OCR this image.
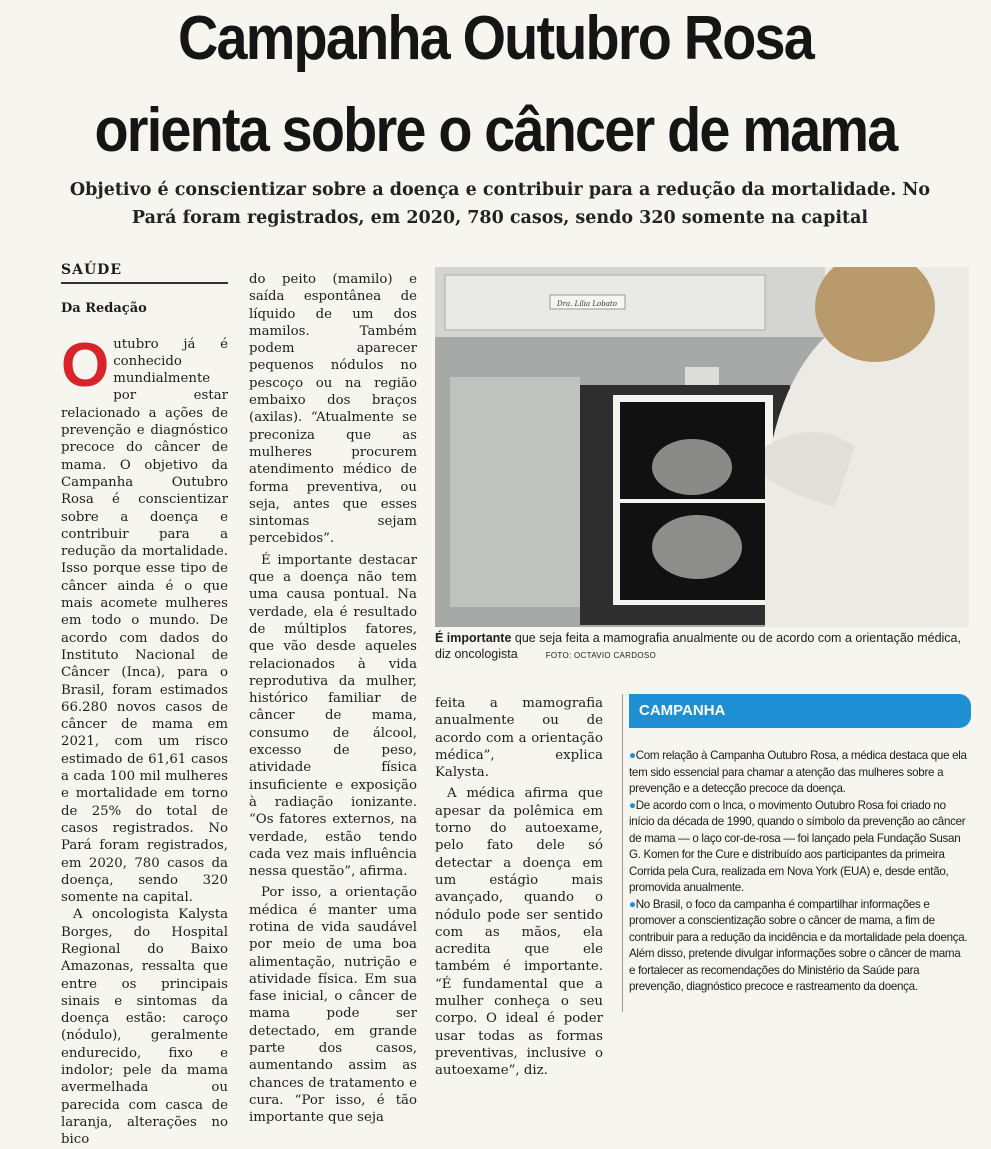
Campanha Outubro Rosa
orienta sobre o câncer de mama
Objetivo é conscientizar sobre a doença e contribuir para a redução da mortalidade. No Pará foram registrados, em 2020, 780 casos, sendo 320 somente na capital
SAÚDE
Da Redação

Outubro já é conhecido mundialmente por estar relacionado a ações de prevenção e diagnóstico precoce do câncer de mama. O objetivo da Campanha Outubro Rosa é conscientizar sobre a doença e contribuir para a redução da mortalidade. Isso porque esse tipo de câncer ainda é o que mais acomete mulheres em todo o mundo. De acordo com dados do Instituto Nacional de Câncer (Inca), para o Brasil, foram estimados 66.280 novos casos de câncer de mama em 2021, com um risco estimado de 61,61 casos a cada 100 mil mulheres e mortalidade em torno de 25% do total de casos registrados. No Pará foram registrados, em 2020, 780 casos da doença, sendo 320 somente na capital.

A oncologista Kalysta Borges, do Hospital Regional do Baixo Amazonas, ressalta que entre os principais sinais e sintomas da doença estão: caroço (nódulo), geralmente endurecido, fixo e indolor; pele da mama avermelhada ou parecida com casca de laranja, alterações no bico

do peito (mamilo) e saída espontânea de líquido de um dos mamilos. Também podem aparecer pequenos nódulos no pescoço ou na região embaixo dos braços (axilas). “Atualmente se preconiza que as mulheres procurem atendimento médico de forma preventiva, ou seja, antes que esses sintomas sejam percebidos”.

É importante destacar que a doença não tem uma causa pontual. Na verdade, ela é resultado de múltiplos fatores, que vão desde aqueles relacionados à vida reprodutiva da mulher, histórico familiar de câncer de mama, consumo de álcool, excesso de peso, atividade física insuficiente e exposição à radiação ionizante. “Os fatores externos, na verdade, estão tendo cada vez mais influência nessa questão”, afirma.

Por isso, a orientação médica é manter uma rotina de vida saudável por meio de uma boa alimentação, nutrição e atividade física. Em sua fase inicial, o câncer de mama pode ser detectado, em grande parte dos casos, aumentando assim as chances de tratamento e cura. “Por isso, é tão importante que seja

Dra. Lília Lobato
É importante que seja feita a mamografia anualmente ou de acordo com a orientação médica, diz oncologista	FOTO: OCTAVIO CARDOSO

feita a mamografia anualmente ou de acordo com a orientação médica”, explica Kalysta.

A médica afirma que apesar da polêmica em torno do autoexame, pelo fato dele só detectar a doença em um estágio mais avançado, quando o nódulo pode ser sentido com as mãos, ela acredita que ele também é importante. “É fundamental que a mulher conheça o seu corpo. O ideal é poder usar todas as formas preventivas, inclusive o autoexame”, diz.

CAMPANHA

●Com relação à Campanha Outubro Rosa, a médica destaca que ela tem sido essencial para chamar a atenção das mulheres sobre a prevenção e a detecção precoce da doença.

●De acordo com o Inca, o movimento Outubro Rosa foi criado no início da década de 1990, quando o símbolo da prevenção ao câncer de mama — o laço cor-de-rosa — foi lançado pela Fundação Susan G. Komen for the Cure e distribuído aos participantes da primeira Corrida pela Cura, realizada em Nova York (EUA) e, desde então, promovida anualmente.

●No Brasil, o foco da campanha é compartilhar informações e promover a conscientização sobre o câncer de mama, a fim de contribuir para a redução da incidência e da mortalidade pela doença. Além disso, pretende divulgar informações sobre o câncer de mama e fortalecer as recomendações do Ministério da Saúde para prevenção, diagnóstico precoce e rastreamento da doença.
